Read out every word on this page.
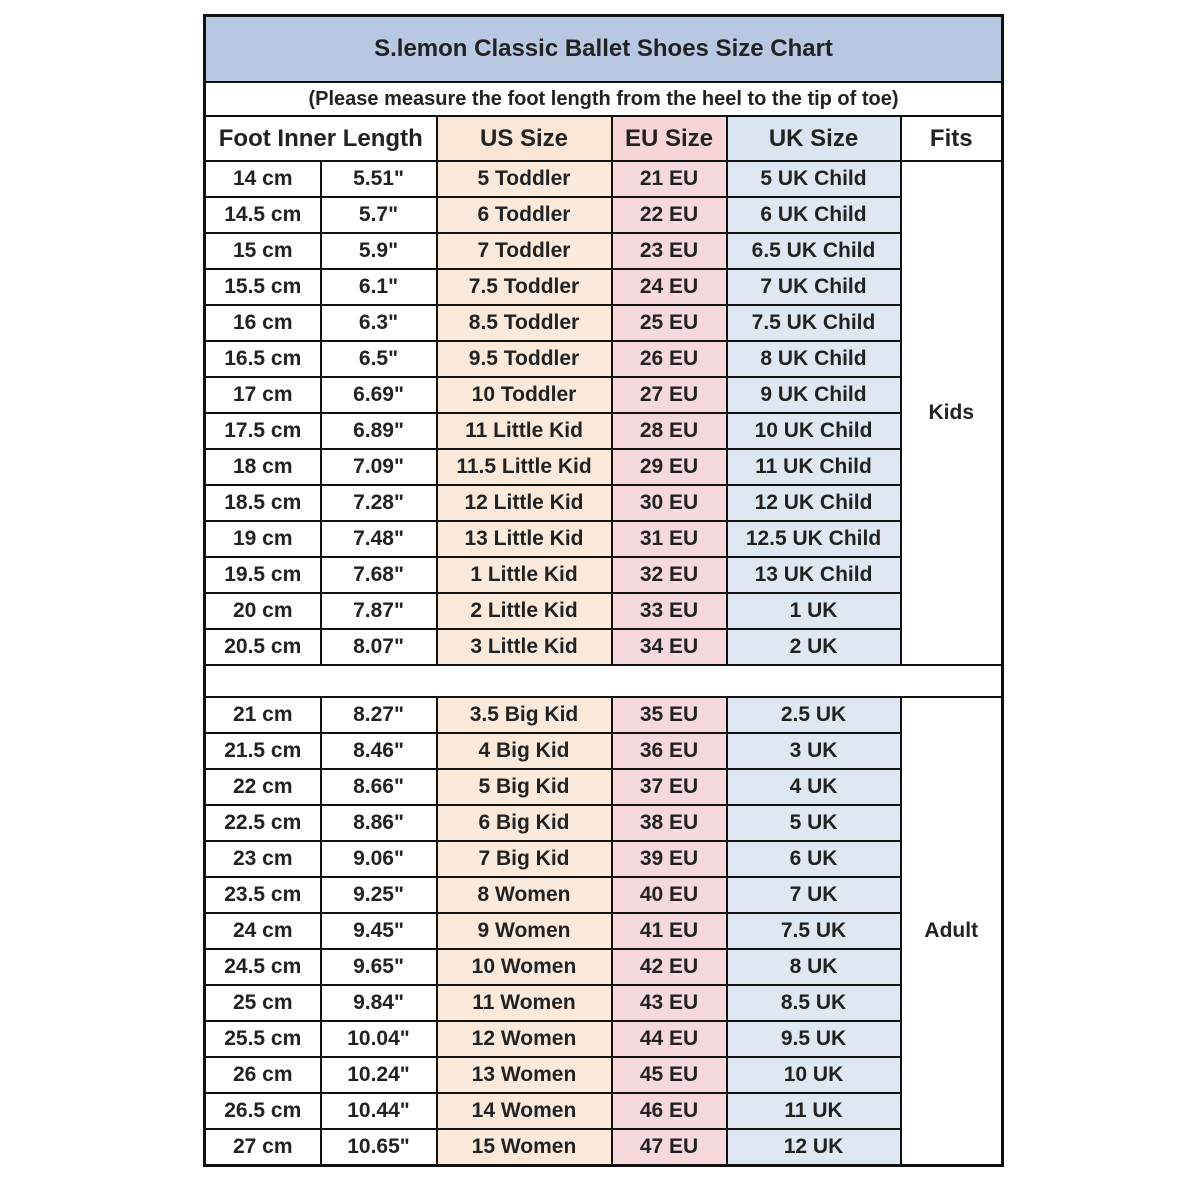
S.lemon Classic Ballet Shoes Size Chart					
(Please measure the foot length from the heel to the tip of toe)					
Foot Inner Length		US Size	EU Size	UK Size	Fits
14 cm	5.51"	5 Toddler	21 EU	5 UK Child	Kids
14.5 cm	5.7"	6 Toddler	22 EU	6 UK Child	
15 cm	5.9"	7 Toddler	23 EU	6.5 UK Child	
15.5 cm	6.1"	7.5 Toddler	24 EU	7 UK Child	
16 cm	6.3"	8.5 Toddler	25 EU	7.5 UK Child	
16.5 cm	6.5"	9.5 Toddler	26 EU	8 UK Child	
17 cm	6.69"	10 Toddler	27 EU	9 UK Child	
17.5 cm	6.89"	11 Little Kid	28 EU	10 UK Child	
18 cm	7.09"	11.5 Little Kid	29 EU	11 UK Child	
18.5 cm	7.28"	12 Little Kid	30 EU	12 UK Child	
19 cm	7.48"	13 Little Kid	31 EU	12.5 UK Child	
19.5 cm	7.68"	1 Little Kid	32 EU	13 UK Child	
20 cm	7.87"	2 Little Kid	33 EU	1 UK	
20.5 cm	8.07"	3 Little Kid	34 EU	2 UK	

21 cm	8.27"	3.5 Big Kid	35 EU	2.5 UK	Adult
21.5 cm	8.46"	4 Big Kid	36 EU	3 UK	
22 cm	8.66"	5 Big Kid	37 EU	4 UK	
22.5 cm	8.86"	6 Big Kid	38 EU	5 UK	
23 cm	9.06"	7 Big Kid	39 EU	6 UK	
23.5 cm	9.25"	8 Women	40 EU	7 UK	
24 cm	9.45"	9 Women	41 EU	7.5 UK	
24.5 cm	9.65"	10 Women	42 EU	8 UK	
25 cm	9.84"	11 Women	43 EU	8.5 UK	
25.5 cm	10.04"	12 Women	44 EU	9.5 UK	
26 cm	10.24"	13 Women	45 EU	10 UK	
26.5 cm	10.44"	14 Women	46 EU	11 UK	
27 cm	10.65"	15 Women	47 EU	12 UK	
